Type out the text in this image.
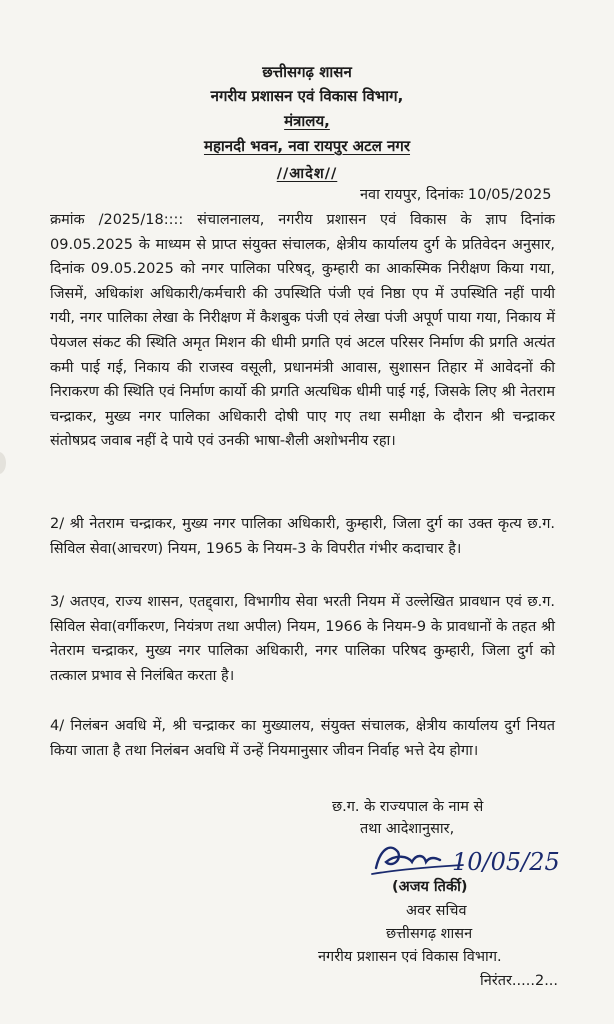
छत्तीसगढ़ शासन
नगरीय प्रशासन एवं विकास विभाग,
मंत्रालय,
महानदी भवन, नवा रायपुर अटल नगर
//आदेश//
नवा रायपुर, दिनांकः 10/05/2025

क्रमांक /2025/18:::: संचालनालय, नगरीय प्रशासन एवं विकास के ज्ञाप दिनांक 09.05.2025 के माध्यम से प्राप्त संयुक्त संचालक, क्षेत्रीय कार्यालय दुर्ग के प्रतिवेदन अनुसार, दिनांक 09.05.2025 को नगर पालिका परिषद्, कुम्हारी का आकस्मिक निरीक्षण किया गया, जिसमें, अधिकांश अधिकारी/कर्मचारी की उपस्थिति पंजी एवं निष्ठा एप में उपस्थिति नहीं पायी गयी, नगर पालिका लेखा के निरीक्षण में कैशबुक पंजी एवं लेखा पंजी अपूर्ण पाया गया, निकाय में पेयजल संकट की स्थिति अमृत मिशन की धीमी प्रगति एवं अटल परिसर निर्माण की प्रगति अत्यंत कमी पाई गई, निकाय की राजस्व वसूली, प्रधानमंत्री आवास, सुशासन तिहार में आवेदनों की निराकरण की स्थिति एवं निर्माण कार्यो की प्रगति अत्यधिक धीमी पाई गई, जिसके लिए श्री नेतराम चन्द्राकर, मुख्य नगर पालिका अधिकारी दोषी पाए गए तथा समीक्षा के दौरान श्री चन्द्राकर संतोषप्रद जवाब नहीं दे पाये एवं उनकी भाषा-शैली अशोभनीय रहा।

2/ श्री नेतराम चन्द्राकर, मुख्य नगर पालिका अधिकारी, कुम्हारी, जिला दुर्ग का उक्त कृत्य छ.ग. सिविल सेवा(आचरण) नियम, 1965 के नियम-3 के विपरीत गंभीर कदाचार है।

3/ अतएव, राज्य शासन, एतद्द्वारा, विभागीय सेवा भरती नियम में उल्लेखित प्रावधान एवं छ.ग. सिविल सेवा(वर्गीकरण, नियंत्रण तथा अपील) नियम, 1966 के नियम-9 के प्रावधानों के तहत श्री नेतराम चन्द्राकर, मुख्य नगर पालिका अधिकारी, नगर पालिका परिषद कुम्हारी, जिला दुर्ग को तत्काल प्रभाव से निलंबित करता है।

4/ निलंबन अवधि में, श्री चन्द्राकर का मुख्यालय, संयुक्त संचालक, क्षेत्रीय कार्यालय दुर्ग नियत किया जाता है तथा निलंबन अवधि में उन्हें नियमानुसार जीवन निर्वाह भत्ते देय होगा।

छ.ग. के राज्यपाल के नाम से
तथा आदेशानुसार,
10/05/25
(अजय तिर्की)
अवर सचिव
छत्तीसगढ़ शासन
नगरीय प्रशासन एवं विकास विभाग.
निरंतर.....2...
